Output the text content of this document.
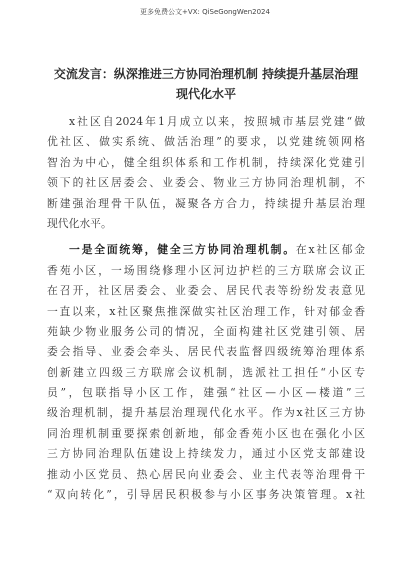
更多免费公文+VX: QiSeGongWen2024
交流发言：纵深推进三方协同治理机制 持续提升基层治理
现代化水平
x社区自2024年1月成立以来，按照城市基层党建“做
优社区、做实系统、做活治理”的要求，以党建统领网格
智治为中心，健全组织体系和工作机制，持续深化党建引
领下的社区居委会、业委会、物业三方协同治理机制，不
断建强治理骨干队伍，凝聚各方合力，持续提升基层治理
现代化水平。
一是全面统筹，健全三方协同治理机制。在x社区郁金
香苑小区，一场围绕修理小区河边护栏的三方联席会议正
在召开，社区居委会、业委会、居民代表等纷纷发表意见
一直以来，x社区聚焦推深做实社区治理工作，针对郁金香
苑缺少物业服务公司的情况，全面构建社区党建引领、居
委会指导、业委会牵头、居民代表监督四级统筹治理体系
创新建立四级三方联席会议机制，选派社工担任“小区专
员”，包联指导小区工作，建强“社区—小区—楼道”三
级治理机制，提升基层治理现代化水平。作为x社区三方协
同治理机制重要探索创新地，郁金香苑小区也在强化小区
三方协同治理队伍建设上持续发力，通过小区党支部建设
推动小区党员、热心居民向业委会、业主代表等治理骨干
“双向转化”，引导居民积极参与小区事务决策管理。x社
